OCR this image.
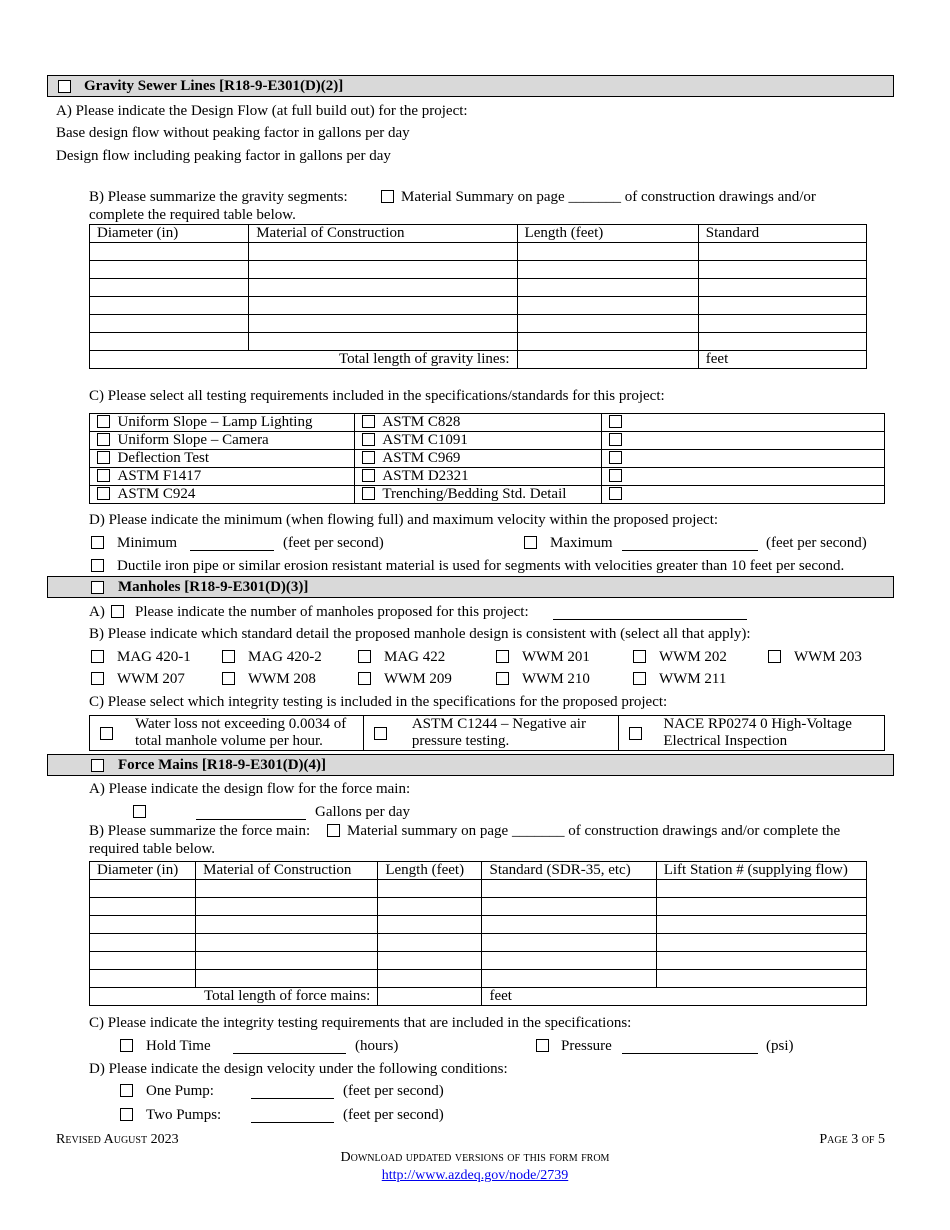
Gravity Sewer Lines [R18-9-E301(D)(2)]
A) Please indicate the Design Flow (at full build out) for the project:
Base design flow without peaking factor in gallons per day
Design flow including peaking factor in gallons per day
B) Please summarize the gravity segments:	Material Summary on page _______ of construction drawings and/or
complete the required table below.
Diameter (in)	Material of Construction	Length (feet)	Standard

Total length of gravity lines:			feet
C) Please select all testing requirements included in the specifications/standards for this project:
Uniform Slope – Lamp Lighting	ASTM C828	
Uniform Slope – Camera	ASTM C1091	
Deflection Test	ASTM C969	
ASTM F1417	ASTM D2321	
ASTM C924	Trenching/Bedding Std. Detail	
D) Please indicate the minimum (when flowing full) and maximum velocity within the proposed project:
Minimum	(feet per second)	Maximum	(feet per second)
Ductile iron pipe or similar erosion resistant material is used for segments with velocities greater than 10 feet per second.
Manholes [R18-9-E301(D)(3)]
A) Please indicate the number of manholes proposed for this project:
B) Please indicate which standard detail the proposed manhole design is consistent with (select all that apply):
MAG 420-1	MAG 420-2	MAG 422	WWM 201	WWM 202	WWM 203
WWM 207	WWM 208	WWM 209	WWM 210	WWM 211
C) Please select which integrity testing is included in the specifications for the proposed project:
Water loss not exceeding 0.0034 of
total manhole volume per hour.

ASTM C1244 – Negative air
pressure testing.

NACE RP0274 0 High-Voltage
Electrical Inspection
Force Mains [R18-9-E301(D)(4)]
A) Please indicate the design flow for the force main:
Gallons per day
B) Please summarize the force main: Material summary on page _______ of construction drawings and/or complete the
required table below.
Diameter (in)	Material of Construction	Length (feet)	Standard (SDR-35, etc)	Lift Station # (supplying flow)

Total length of force mains:			feet	
C) Please indicate the integrity testing requirements that are included in the specifications:
Hold Time	(hours)	Pressure	(psi)
D) Please indicate the design velocity under the following conditions:
One Pump:	(feet per second)
Two Pumps:	(feet per second)
Revised August 2023	Page 3 of 5
Download updated versions of this form from
http://www.azdeq.gov/node/2739
